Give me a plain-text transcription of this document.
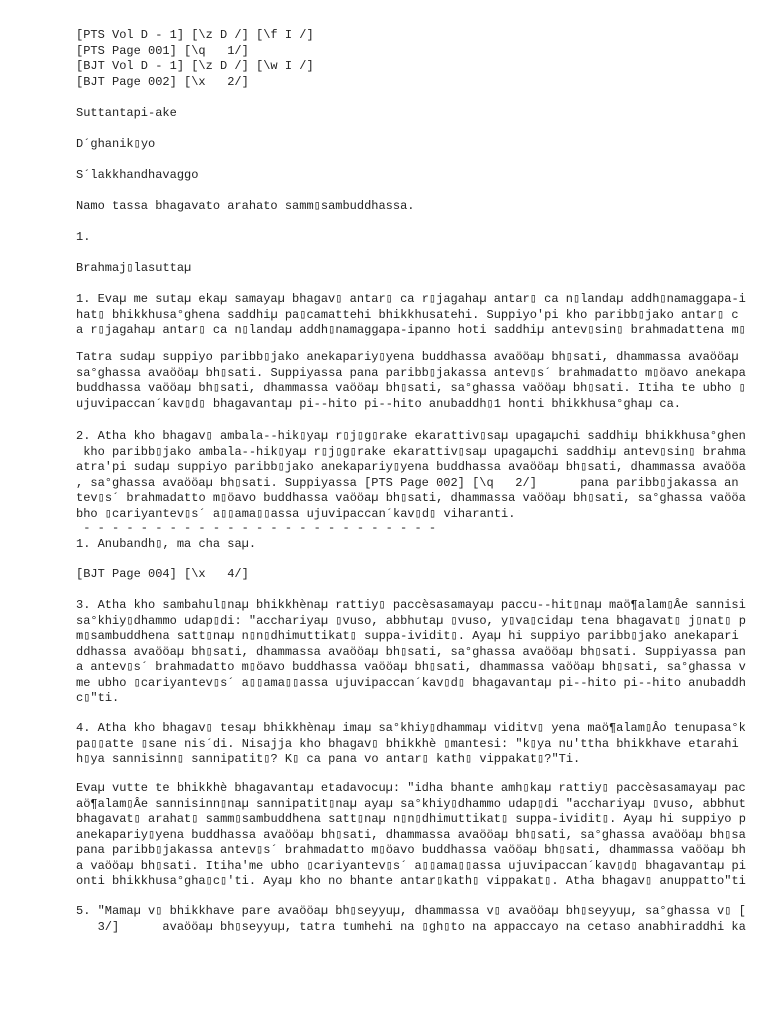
[PTS Vol D - 1] [\z D /] [\f I /]
[PTS Page 001] [\q   1/]
[BJT Vol D - 1] [\z D /] [\w I /]
[BJT Page 002] [\x   2/]
Suttantapi-ake
D´ghanik▯yo
S´lakkhandhavaggo
Namo tassa bhagavato arahato samm▯sambuddhassa.
1.
Brahmaj▯lasuttaµ
1. Evaµ me sutaµ ekaµ samayaµ bhagav▯ antar▯ ca r▯jagahaµ antar▯ ca n▯landaµ addh▯namaggapa-i
hat▯ bhikkhusa°ghena saddhiµ pa▯camattehi bhikkhusatehi. Suppiyo'pi kho paribb▯jako antar▯ c
a r▯jagahaµ antar▯ ca n▯landaµ addh▯namaggapa-ipanno hoti saddhiµ antev▯sin▯ brahmadattena m▯
Tatra sudaµ suppiyo paribb▯jako anekapariy▯yena buddhassa avaööaµ bh▯sati, dhammassa avaööaµ
sa°ghassa avaööaµ bh▯sati. Suppiyassa pana paribb▯jakassa antev▯s´ brahmadatto m▯öavo anekapa
buddhassa vaööaµ bh▯sati, dhammassa vaööaµ bh▯sati, sa°ghassa vaööaµ bh▯sati. Itiha te ubho ▯
ujuvipaccan´kav▯d▯ bhagavantaµ pi--hito pi--hito anubaddh▯1 honti bhikkhusa°ghaµ ca.
2. Atha kho bhagav▯ ambala--hik▯yaµ r▯j▯g▯rake ekarattiv▯saµ upagaµchi saddhiµ bhikkhusa°ghen
kho paribb▯jako ambala--hik▯yaµ r▯j▯g▯rake ekarattiv▯saµ upagaµchi saddhiµ antev▯sin▯ brahma
atra'pi sudaµ suppiyo paribb▯jako anekapariy▯yena buddhassa avaööaµ bh▯sati, dhammassa avaööa
, sa°ghassa avaööaµ bh▯sati. Suppiyassa [PTS Page 002] [\q   2/]      pana paribb▯jakassa an
tev▯s´ brahmadatto m▯öavo buddhassa vaööaµ bh▯sati, dhammassa vaööaµ bh▯sati, sa°ghassa vaööa
bho ▯cariyantev▯s´ a▯▯ama▯▯assa ujuvipaccan´kav▯d▯ viharanti.
- - - - - - - - - - - - - - - - - - - - - - - - -
1. Anubandh▯, ma cha saµ.
[BJT Page 004] [\x   4/]
3. Atha kho sambahul▯naµ bhikkhènaµ rattiy▯ paccèsasamayaµ paccu--hit▯naµ maö¶alam▯Âe sannisi
sa°khiy▯dhammo udap▯di: "acchariyaµ ▯vuso, abbhutaµ ▯vuso, y▯va▯cidaµ tena bhagavat▯ j▯nat▯ p
m▯sambuddhena satt▯naµ n▯n▯dhimuttikat▯ suppa-ividit▯. Ayaµ hi suppiyo paribb▯jako anekapari
ddhassa avaööaµ bh▯sati, dhammassa avaööaµ bh▯sati, sa°ghassa avaööaµ bh▯sati. Suppiyassa pan
a antev▯s´ brahmadatto m▯öavo buddhassa vaööaµ bh▯sati, dhammassa vaööaµ bh▯sati, sa°ghassa v
me ubho ▯cariyantev▯s´ a▯▯ama▯▯assa ujuvipaccan´kav▯d▯ bhagavantaµ pi--hito pi--hito anubaddh
c▯"ti.
4. Atha kho bhagav▯ tesaµ bhikkhènaµ imaµ sa°khiy▯dhammaµ viditv▯ yena maö¶alam▯Âo tenupasa°k
pa▯▯atte ▯sane nis´di. Nisajja kho bhagav▯ bhikkhè ▯mantesi: "k▯ya nu'ttha bhikkhave etarahi
h▯ya sannisinn▯ sannipatit▯? K▯ ca pana vo antar▯ kath▯ vippakat▯?"Ti.
Evaµ vutte te bhikkhè bhagavantaµ etadavocuµ: "idha bhante amh▯kaµ rattiy▯ paccèsasamayaµ pac
aö¶alam▯Âe sannisinn▯naµ sannipatit▯naµ ayaµ sa°khiy▯dhammo udap▯di "acchariyaµ ▯vuso, abbhut
bhagavat▯ arahat▯ samm▯sambuddhena satt▯naµ n▯n▯dhimuttikat▯ suppa-ividit▯. Ayaµ hi suppiyo p
anekapariy▯yena buddhassa avaööaµ bh▯sati, dhammassa avaööaµ bh▯sati, sa°ghassa avaööaµ bh▯sa
pana paribb▯jakassa antev▯s´ brahmadatto m▯öavo buddhassa vaööaµ bh▯sati, dhammassa vaööaµ bh
a vaööaµ bh▯sati. Itiha'me ubho ▯cariyantev▯s´ a▯▯ama▯▯assa ujuvipaccan´kav▯d▯ bhagavantaµ pi
onti bhikkhusa°gha▯c▯'ti. Ayaµ kho no bhante antar▯kath▯ vippakat▯. Atha bhagav▯ anuppatto"ti
5. "Mamaµ v▯ bhikkhave pare avaööaµ bh▯seyyuµ, dhammassa v▯ avaööaµ bh▯seyyuµ, sa°ghassa v▯ [
3/]      avaööaµ bh▯seyyuµ, tatra tumhehi na ▯gh▯to na appaccayo na cetaso anabhiraddhi ka
